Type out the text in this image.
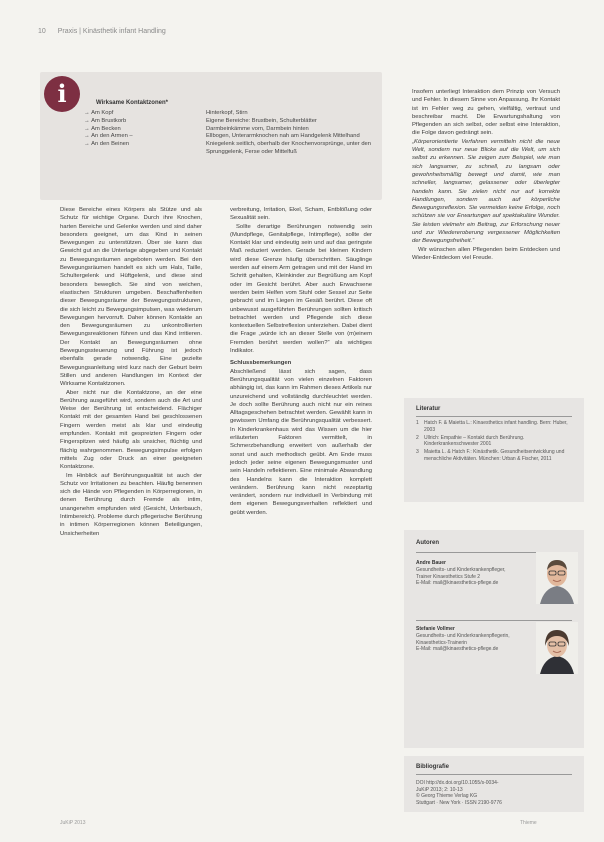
10 Praxis | Kinästhetik infant Handling
i	Wirksame Kontaktzonen*
→ Am Kopf	Hinterkopf, Stirn
→ Am Brustkorb	Eigene Bereiche: Brustbein, Schulterblätter
→ Am Becken	Darmbeinkämme vorn, Darmbein hinten
→ An den Armen –	Ellbogen, Unterarmknochen nah am Handgelenk Mittelhand
→ An den Beinen	Kniegelenk seitlich, oberhalb der Knochenvorsprünge, unter den Sprunggelenk, Ferse oder Mittelfuß

Diese Bereiche eines Körpers als Stütze und als Schutz für wichtige Organe. Durch ihre Knochen, harten Bereiche und Gelenke werden und sind daher besonders geeignet, um das Kind in seinen Bewegungen zu unterstützen. Über sie kann das Gewicht gut an die Unterlage abgegeben und Kontakt zu Bewegungsräumen angeboten werden. Bei den Bewegungsräumen handelt es sich um Hals, Taille, Schultergelenk und Hüftgelenk, und diese sind besonders beweglich. Sie sind von weichen, elastischen Strukturen umgeben. Beschaffenheiten dieser Bewegungsräume der Bewegungsstrukturen, die sich leicht zu Bewegungsimpulsen, was wiederum Bewegungen hervorruft. Daher können Kontakte an den Bewegungsräumen zu unkontrollierten Bewegungsreaktionen führen und das Kind irritieren. Der Kontakt an Bewegungsräumen ohne Bewegungssteuerung und Führung ist jedoch ebenfalls gerade notwendig. Eine gezielte Bewegungsanleitung wird kurz nach der Geburt beim Stillen und anderen Handlungen im Kontext der Wirksame Kontaktzonen.

Aber nicht nur die Kontaktzone, an der eine Berührung ausgeführt wird, sondern auch die Art und Weise der Berührung ist entscheidend. Flächiger Kontakt mit der gesamten Hand bei geschlossenen Fingern werden meist als klar und eindeutig empfunden. Kontakt mit gespreizten Fingern oder Fingerspitzen wird häufig als unsicher, flüchtig und flächig wahrgenommen. Bewegungsimpulse erfolgen mittels Zug oder Druck an einer geeigneten Kontaktzone.

Im Hinblick auf Berührungsqualität ist auch der Schutz vor Irritationen zu beachten. Häufig benennen sich die Hände von Pflegenden in Körperregionen, in denen Berührung durch Fremde als intim, unangenehm empfunden wird (Gesicht, Unterbauch, Intimbereich). Probleme durch pflegerische Berührung in intimen Körperregionen können Beteiligungen, Unsicherheiten

verbreitung, Irritation, Ekel, Scham, Entblößung oder Sexualität sein.

Sollte derartige Berührungen notwendig sein (Mundpflege, Genitalpflege, Intimpflege), sollte der Kontakt klar und eindeutig sein und auf das geringste Maß reduziert werden. Gerade bei kleinen Kindern wird diese Grenze häufig überschritten. Säuglinge werden auf einem Arm getragen und mit der Hand im Schritt gehalten, Kleinkinder zur Begrüßung am Kopf oder im Gesicht berührt. Aber auch Erwachsene werden beim Helfen vom Stuhl oder Sessel zur Seite gebracht und im Liegen im Gesäß berührt. Diese oft unbewusst ausgeführten Berührungen sollten kritisch betrachtet werden und Pflegende sich diese kontextuellen Selbstreflexion unterziehen. Dabei dient die Frage „würde ich an dieser Stelle von (m)einem Fremden berührt werden wollen?“ als wichtiges Indikator.

Schlussbemerkungen

Abschließend lässt sich sagen, dass Berührungsqualität von vielen einzelnen Faktoren abhängig ist, das kann im Rahmen dieses Artikels nur unzureichend und vollständig durchleuchtet werden. Je doch sollte Berührung auch nicht nur ein reines Alltagsgeschehen betrachtet werden. Gewählt kann in gewissem Umfang die Berührungsqualität verbessert. In Kinderkrankenhaus wird das Wissen um die hier erläuterten Faktoren vermittelt, in Schmerzbehandlung erweitert von außerhalb der sonst und auch methodisch geübt. Am Ende muss jedoch jeder seine eigenen Bewegungsmuster und sein Handeln reflektieren. Eine minimale Abwandlung des Handelns kann die Interaktion komplett verändern. Berührung kann nicht rezeptartig verändert, sondern nur individuell in Verbindung mit dem eigenen Bewegungsverhalten reflektiert und geübt werden.

Insofern unterliegt Interaktion dem Prinzip von Versuch und Fehler. In diesem Sinne von Anpassung. Ihr Kontakt ist im Fehler weg zu gehen, vielfältig, vertraut und beschreibar macht. Die Erwartungshaltung von Pflegenden an sich selbst, oder selbst eine Interaktion, die Folge davon gedrängt sein.

„Körperorientierte Verfahren vermitteln nicht die neue Welt, sondern nur neue Blicke auf die Welt, um sich selbst zu erkennen. Sie zeigen zum Beispiel, wie man sich langsamer, zu schnell, zu langsam oder gewohnheitsmäßig bewegt und damit, wie man schneller, langsamer, gelassener oder überlegter handeln kann. Sie zielen nicht nur auf korrekte Handlungen, sondern auch auf körperliche Bewegungsreflexion. Sie vermeiden keine Erfolge, noch schützen sie vor Erwartungen auf spektakuläre Wunder. Sie leisten vielmehr ein Beitrag, zur Erforschung neuer und zur Wiedereroberung vergessener Möglichkeiten der Bewegungsfreiheit.“

Wir wünschen allen Pflegenden beim Entdecken und Wieder-Entdecken viel Freude.

Literatur
1	Hatch F. & Maietta L.: Kinaesthetics infant handling. Bern: Huber, 2003
2	Ullrich: Empathie – Kontakt durch Berührung. Kinderkrankenschwester 2001
3	Maietta L. & Hatch F.: Kinästhetik. Gesundheitsentwicklung und menschliche Aktivitäten. München: Urban & Fischer, 2011
Autoren
Andre Bauer
Gesundheits- und Kinderkrankenpfleger,
Trainer Kinaesthetics Stufe 2
E-Mail: mail@kinaesthetics-pflege.de
Stefanie Vollmer
Gesundheits- und Kinderkrankenpflegerin,
Kinaesthetics-Trainerin
E-Mail: mail@kinaesthetics-pflege.de
Bibliografie
DOI http://dx.doi.org/10.1055/s-0034-
JuKiP 2013; 2: 10-13
© Georg Thieme Verlag KG
Stuttgart · New York · ISSN 2190-9776
JuKiP 2013	Thieme
